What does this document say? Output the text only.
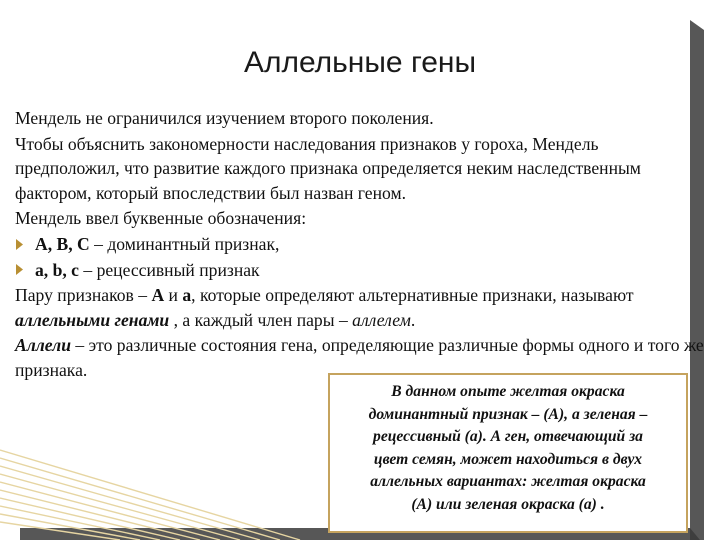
Аллельные гены

Мендель не ограничился изучением второго поколения.

Чтобы объяснить закономерности наследования признаков у гороха, Мендель предположил, что развитие каждого признака определяется неким наследственным фактором, который впоследствии был назван геном.

Мендель ввел буквенные обозначения:

А, В, С – доминантный признак,
a, b, c – рецессивный признак

Пару признаков – А и а, которые определяют альтернативные признаки, называют аллельными генами , а каждый член пары – аллелем.

Аллели – это различные состояния гена, определяющие различные формы одного и того же признака.

В данном опыте желтая окраска
доминантный признак – (А), а зеленая –
рецессивный (а). А ген, отвечающий за
цвет семян, может находиться в двух
аллельных вариантах: желтая окраска
(А) или зеленая окраска (а) .
